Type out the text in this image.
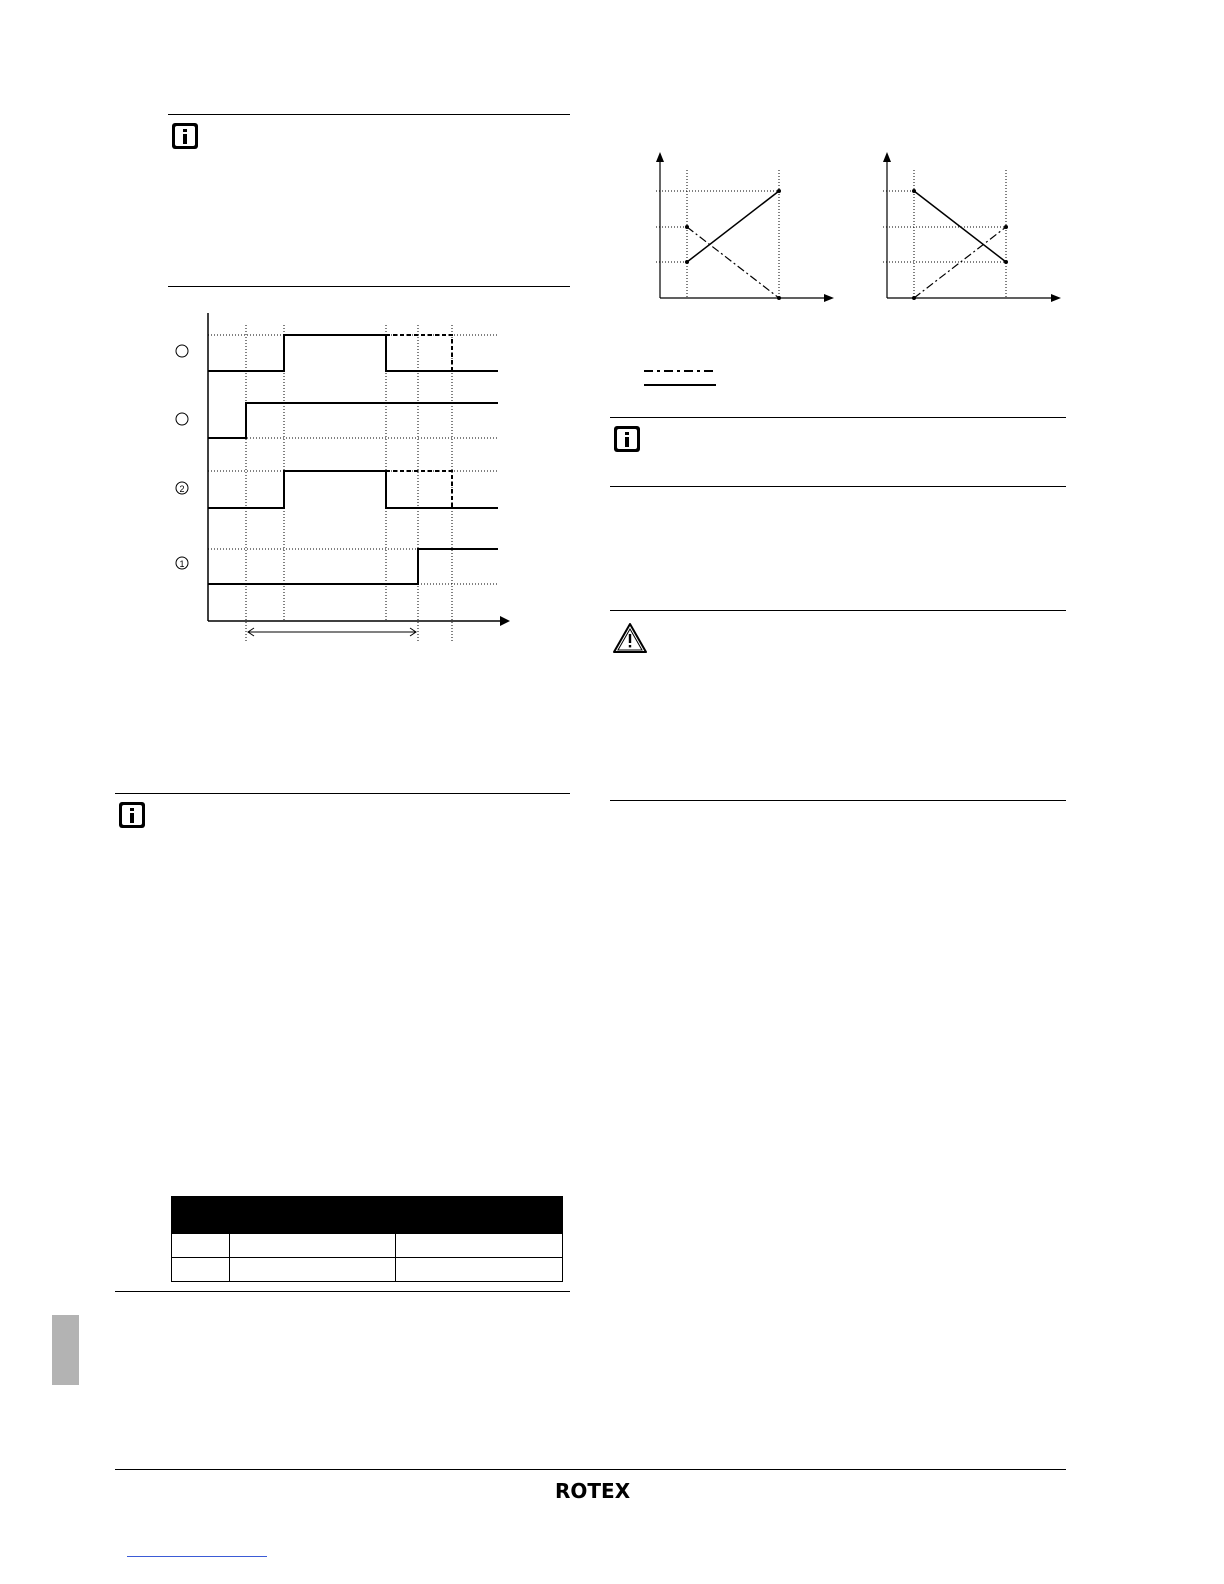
2
1

ROTEX
